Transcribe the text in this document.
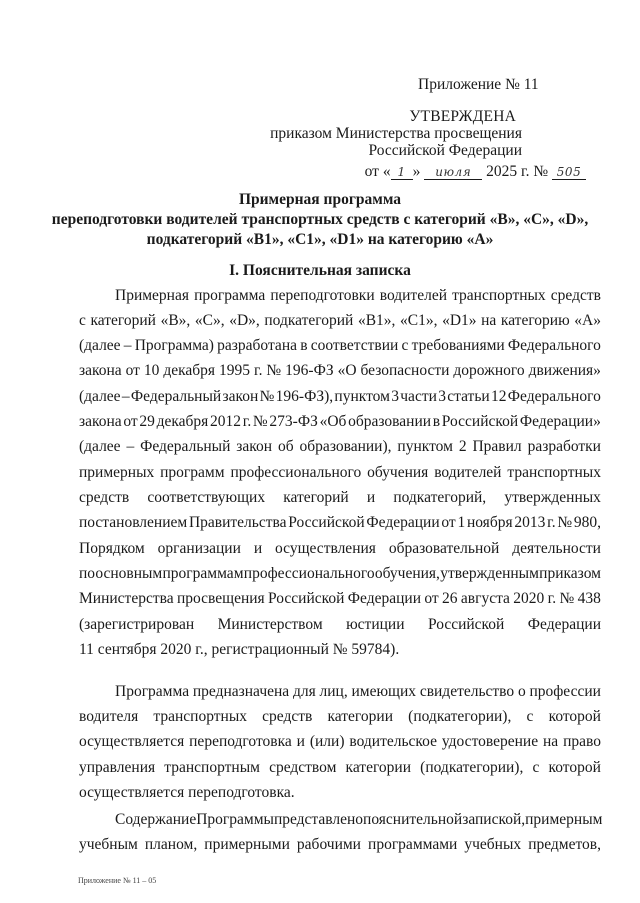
Приложение № 11
УТВЕРЖДЕНА
приказом Министерства просвещения
Российской Федерации
от « 1 » июля 2025 г. № 505
Примерная программа
переподготовки водителей транспортных средств с категорий «В», «С», «D»,
подкатегорий «В1», «С1», «D1» на категорию «А»
I. Пояснительная записка
Примерная программа переподготовки водителей транспортных средств
с категорий «В», «С», «D», подкатегорий «В1», «С1», «D1» на категорию «А»
(далее – Программа) разработана в соответствии с требованиями Федерального
закона от 10 декабря 1995 г. № 196-ФЗ «О безопасности дорожного движения»
(далее – Федеральный закон № 196-ФЗ), пунктом 3 части 3 статьи 12 Федерального
закона от 29 декабря 2012 г. № 273-ФЗ «Об образовании в Российской Федерации»
(далее – Федеральный закон об образовании), пунктом 2 Правил разработки
примерных программ профессионального обучения водителей транспортных
средств соответствующих категорий и подкатегорий, утвержденных
постановлением Правительства Российской Федерации от 1 ноября 2013 г. № 980,
Порядком организации и осуществления образовательной деятельности
по основным программам профессионального обучения, утвержденным приказом
Министерства просвещения Российской Федерации от 26 августа 2020 г. № 438
(зарегистрирован Министерством юстиции Российской Федерации
11 сентября 2020 г., регистрационный № 59784).
Программа предназначена для лиц, имеющих свидетельство о профессии
водителя транспортных средств категории (подкатегории), с которой
осуществляется переподготовка и (или) водительское удостоверение на право
управления транспортным средством категории (подкатегории), с которой
осуществляется переподготовка.
Содержание Программы представлено пояснительной запиской, примерным
учебным планом, примерными рабочими программами учебных предметов,
Приложение № 11 – 05
